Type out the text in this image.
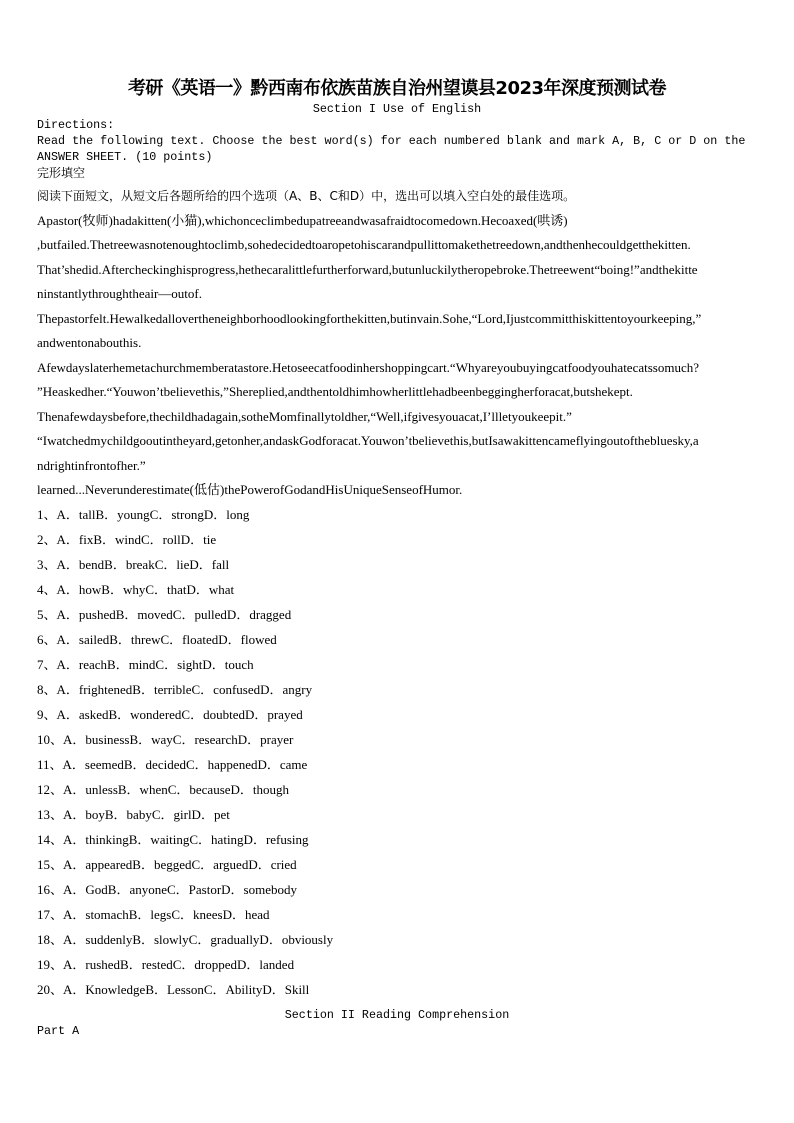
考研《英语一》黔西南布依族苗族自治州望谟县2023年深度预测试卷
Section I Use of English
Directions:
Read the following text. Choose the best word(s) for each numbered blank and mark A, B, C or D on the
ANSWER SHEET. (10 points)
完形填空
阅读下面短文，从短文后各题所给的四个选项（A、B、C和D）中，选出可以填入空白处的最佳选项。
Apastor(牧师)hadakitten(小猫),whichonceclimbedupatreeandwasafraidtocomedown.Hecoaxed(哄诱)
,butfailed.Thetreewasnotenoughtoclimb,sohedecidedtoaropetohiscarandpullittomakethetreedown,andthenhecouldgetthekitten.
That’shedid.Aftercheckinghisprogress,hethecaralittlefurtherforward,butunluckilytheropebroke.Thetreewent“boing!”andthekitte
ninstantlythroughtheair—outof.
Thepastorfelt.Hewalkedallovertheneighborhoodlookingforthekitten,butinvain.Sohe,“Lord,Ijustcommitthiskittentoyourkeeping,”
andwentonabouthis.
Afewdayslaterhemetachurchmemberatastore.Hetoseecatfoodinhershoppingcart.“Whyareyoubuyingcatfoodyouhatecatssomuch?
”Heaskedher.“Youwon’tbelievethis,”Shereplied,andthentoldhimhowherlittlehadbeenbeggingherforacat,butshekept.
Thenafewdaysbefore,thechildhadagain,sotheMomfinallytoldher,“Well,ifgivesyouacat,I’llletyoukeepit.”
“Iwatchedmychildgooutintheyard,getonher,andaskGodforacat.Youwon’tbelievethis,butIsawakittencameflyingoutofthebluesky,a
ndrightinfrontofher.”
learned...Neverunderestimate(低估)thePowerofGodandHisUniqueSenseofHumor.
1、A．tallB．youngC．strongD．long
2、A．fixB．windC．rollD．tie
3、A．bendB．breakC．lieD．fall
4、A．howB．whyC．thatD．what
5、A．pushedB．movedC．pulledD．dragged
6、A．sailedB．threwC．floatedD．flowed
7、A．reachB．mindC．sightD．touch
8、A．frightenedB．terribleC．confusedD．angry
9、A．askedB．wonderedC．doubtedD．prayed
10、A．businessB．wayC．researchD．prayer
11、A．seemedB．decidedC．happenedD．came
12、A．unlessB．whenC．becauseD．though
13、A．boyB．babyC．girlD．pet
14、A．thinkingB．waitingC．hatingD．refusing
15、A．appearedB．beggedC．arguedD．cried
16、A．GodB．anyoneC．PastorD．somebody
17、A．stomachB．legsC．kneesD．head
18、A．suddenlyB．slowlyC．graduallyD．obviously
19、A．rushedB．restedC．droppedD．landed
20、A．KnowledgeB．LessonC．AbilityD．Skill
Section II Reading Comprehension
Part A
